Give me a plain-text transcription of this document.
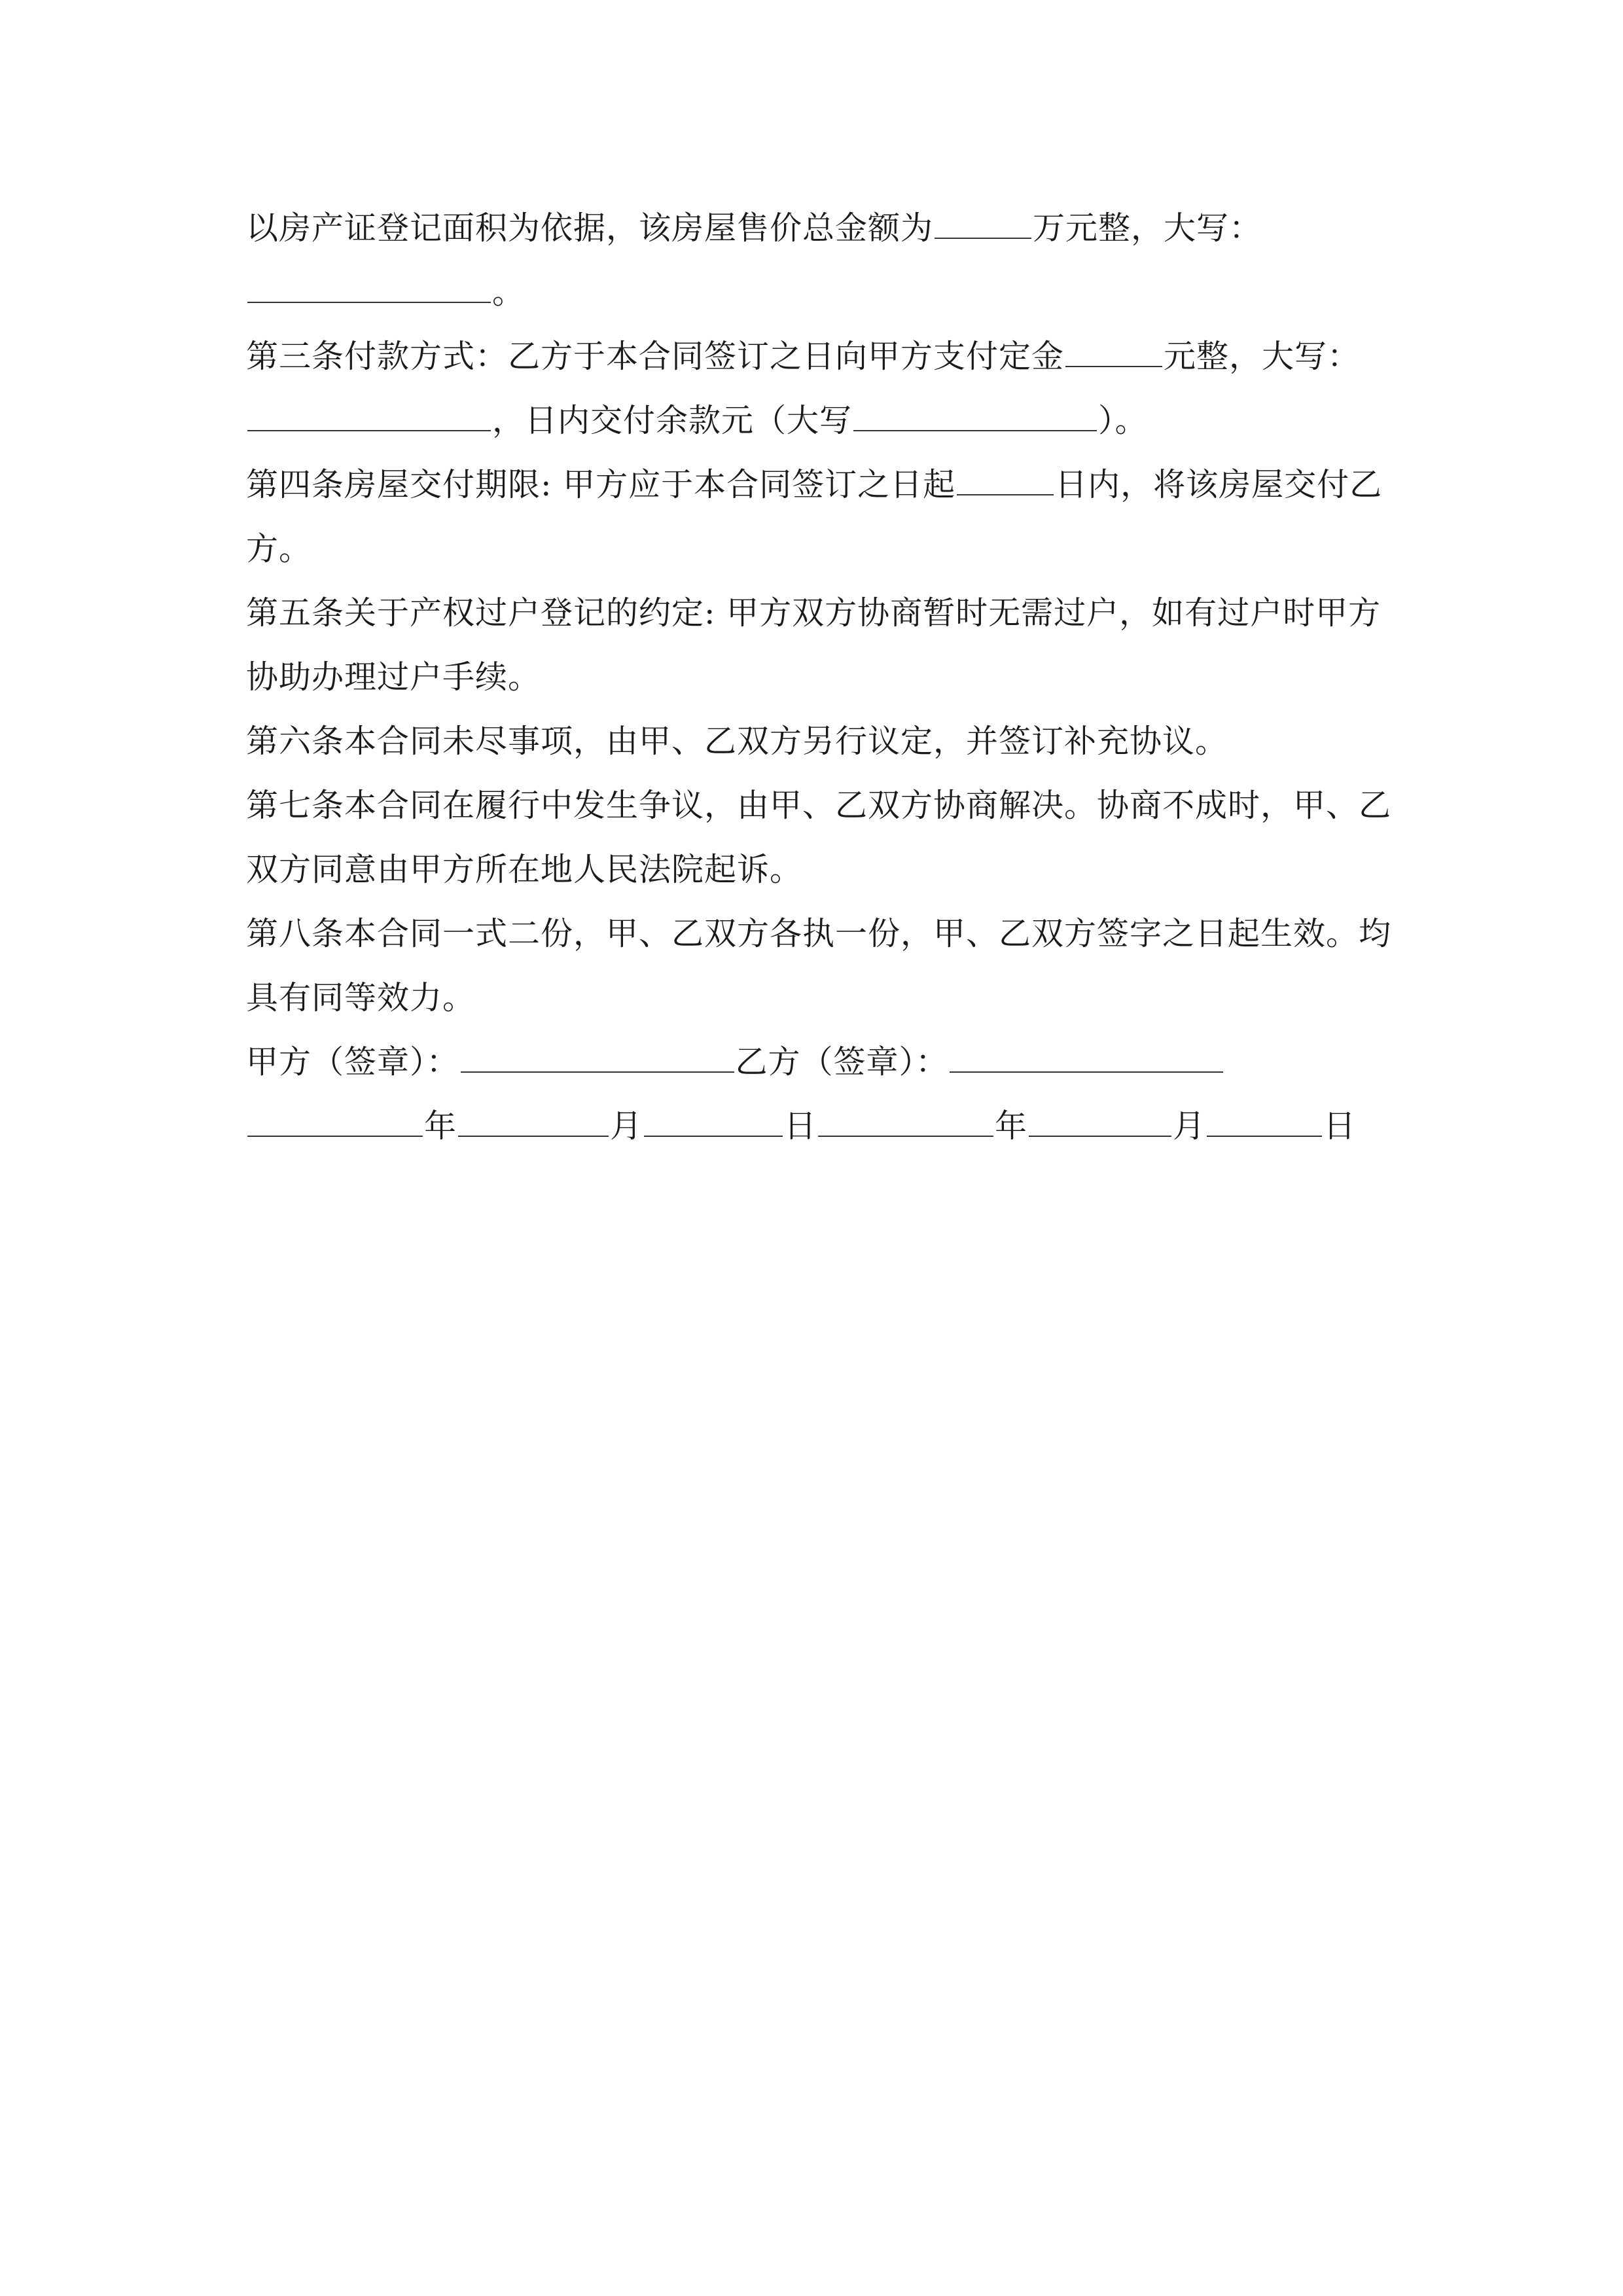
以房产证登记面积为依据，该房屋售价总金额为	万元整，大写：
。
第三条付款方式：乙方于本合同签订之日向甲方支付定金	元整，大写：
，日内交付余款元（大写	）。
第四条房屋交付期限: 甲方应于本合同签订之日起	日内，将该房屋交付乙
方。
第五条关于产权过户登记的约定: 甲方双方协商暂时无需过户，如有过户时甲方
协助办理过户手续。
第六条本合同未尽事项，由甲、乙双方另行议定，并签订补充协议。
第七条本合同在履行中发生争议，由甲、乙双方协商解决。协商不成时，甲、乙
双方同意由甲方所在地人民法院起诉。
第八条本合同一式二份，甲、乙双方各执一份，甲、乙双方签字之日起生效。均
具有同等效力。
甲方（签章）：	乙方（签章）：
年	月	日	年	月	日
